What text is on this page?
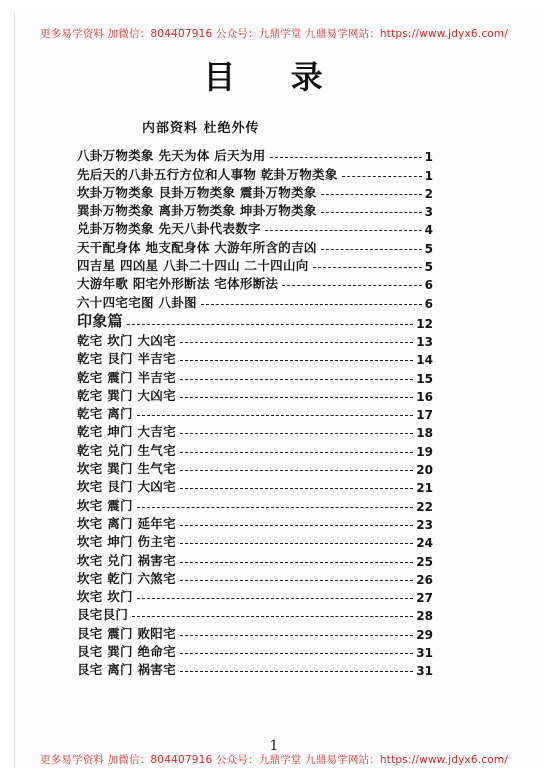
更多易学资料 加微信：804407916 公众号：九鼎学堂 九鼎易学网站：https://www.jdyx6.com/
目 录
内部资料 杜绝外传
八卦万物类象 先天为体 后天为用	1
先后天的八卦五行方位和人事物 乾卦万物类象	1
坎卦万物类象 艮卦万物类象 震卦万物类象	2
巽卦万物类象 离卦万物类象 坤卦万物类象	3
兑卦万物类象 先天八卦代表数字	4
天干配身体 地支配身体 大游年所含的吉凶	5
四吉星 四凶星 八卦二十四山 二十四山向	5
大游年歌 阳宅外形断法 宅体形断法	6
六十四宅宅图 八卦图	6
印象篇	12
乾宅 坎门 大凶宅	13
乾宅 艮门 半吉宅	14
乾宅 震门 半吉宅	15
乾宅 巽门 大凶宅	16
乾宅 离门	17
乾宅 坤门 大吉宅	18
乾宅 兑门 生气宅	19
坎宅 巽门 生气宅	20
坎宅 艮门 大凶宅	21
坎宅 震门	22
坎宅 离门 延年宅	23
坎宅 坤门 伤主宅	24
坎宅 兑门 祸害宅	25
坎宅 乾门 六煞宅	26
坎宅 坎门	27
艮宅艮门	28
艮宅 震门 败阳宅	29
艮宅 巽门 绝命宅	31
艮宅 离门 祸害宅	31
1
更多易学资料 加微信：804407916 公众号：九鼎学堂 九鼎易学网站：https://www.jdyx6.com/
